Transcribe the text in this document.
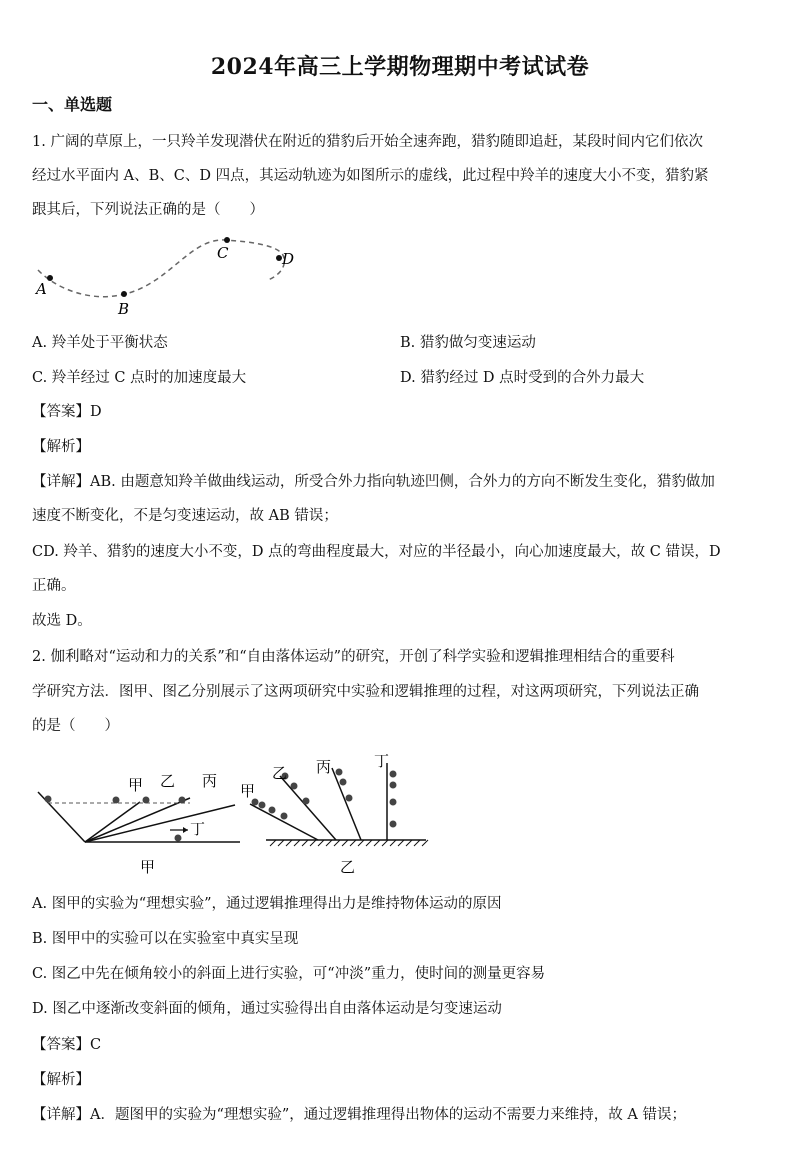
2024年高三上学期物理期中考试试卷
一、单选题
1. 广阔的草原上，一只羚羊发现潜伏在附近的猎豹后开始全速奔跑，猎豹随即追赶，某段时间内它们依次
经过水平面内 A、B、C、D 四点，其运动轨迹为如图所示的虚线，此过程中羚羊的速度大小不变，猎豹紧
跟其后，下列说法正确的是（　　）
A
B
C	D
A. 羚羊处于平衡状态	B. 猎豹做匀变速运动
C. 羚羊经过 C 点时的加速度最大	D. 猎豹经过 D 点时受到的合外力最大
【答案】D
【解析】
【详解】AB. 由题意知羚羊做曲线运动，所受合外力指向轨迹凹侧，合外力的方向不断发生变化，猎豹做加
速度不断变化，不是匀变速运动，故 AB 错误；
CD. 羚羊、猎豹的速度大小不变，D 点的弯曲程度最大，对应的半径最小，向心加速度最大，故 C 错误，D
正确。
故选 D。
2. 伽利略对“运动和力的关系”和“自由落体运动”的研究，开创了科学实验和逻辑推理相结合的重要科
学研究方法．图甲、图乙分别展示了这两项研究中实验和逻辑推理的过程，对这两项研究，下列说法正确
的是（　　）
甲 乙 丙
丁
甲
甲
乙 丙	丁
乙
A. 图甲的实验为“理想实验”，通过逻辑推理得出力是维持物体运动的原因
B. 图甲中的实验可以在实验室中真实呈现
C. 图乙中先在倾角较小的斜面上进行实验，可“冲淡”重力，使时间的测量更容易
D. 图乙中逐渐改变斜面的倾角，通过实验得出自由落体运动是匀变速运动
【答案】C
【解析】
【详解】A．题图甲的实验为“理想实验”，通过逻辑推理得出物体的运动不需要力来维持，故 A 错误；
